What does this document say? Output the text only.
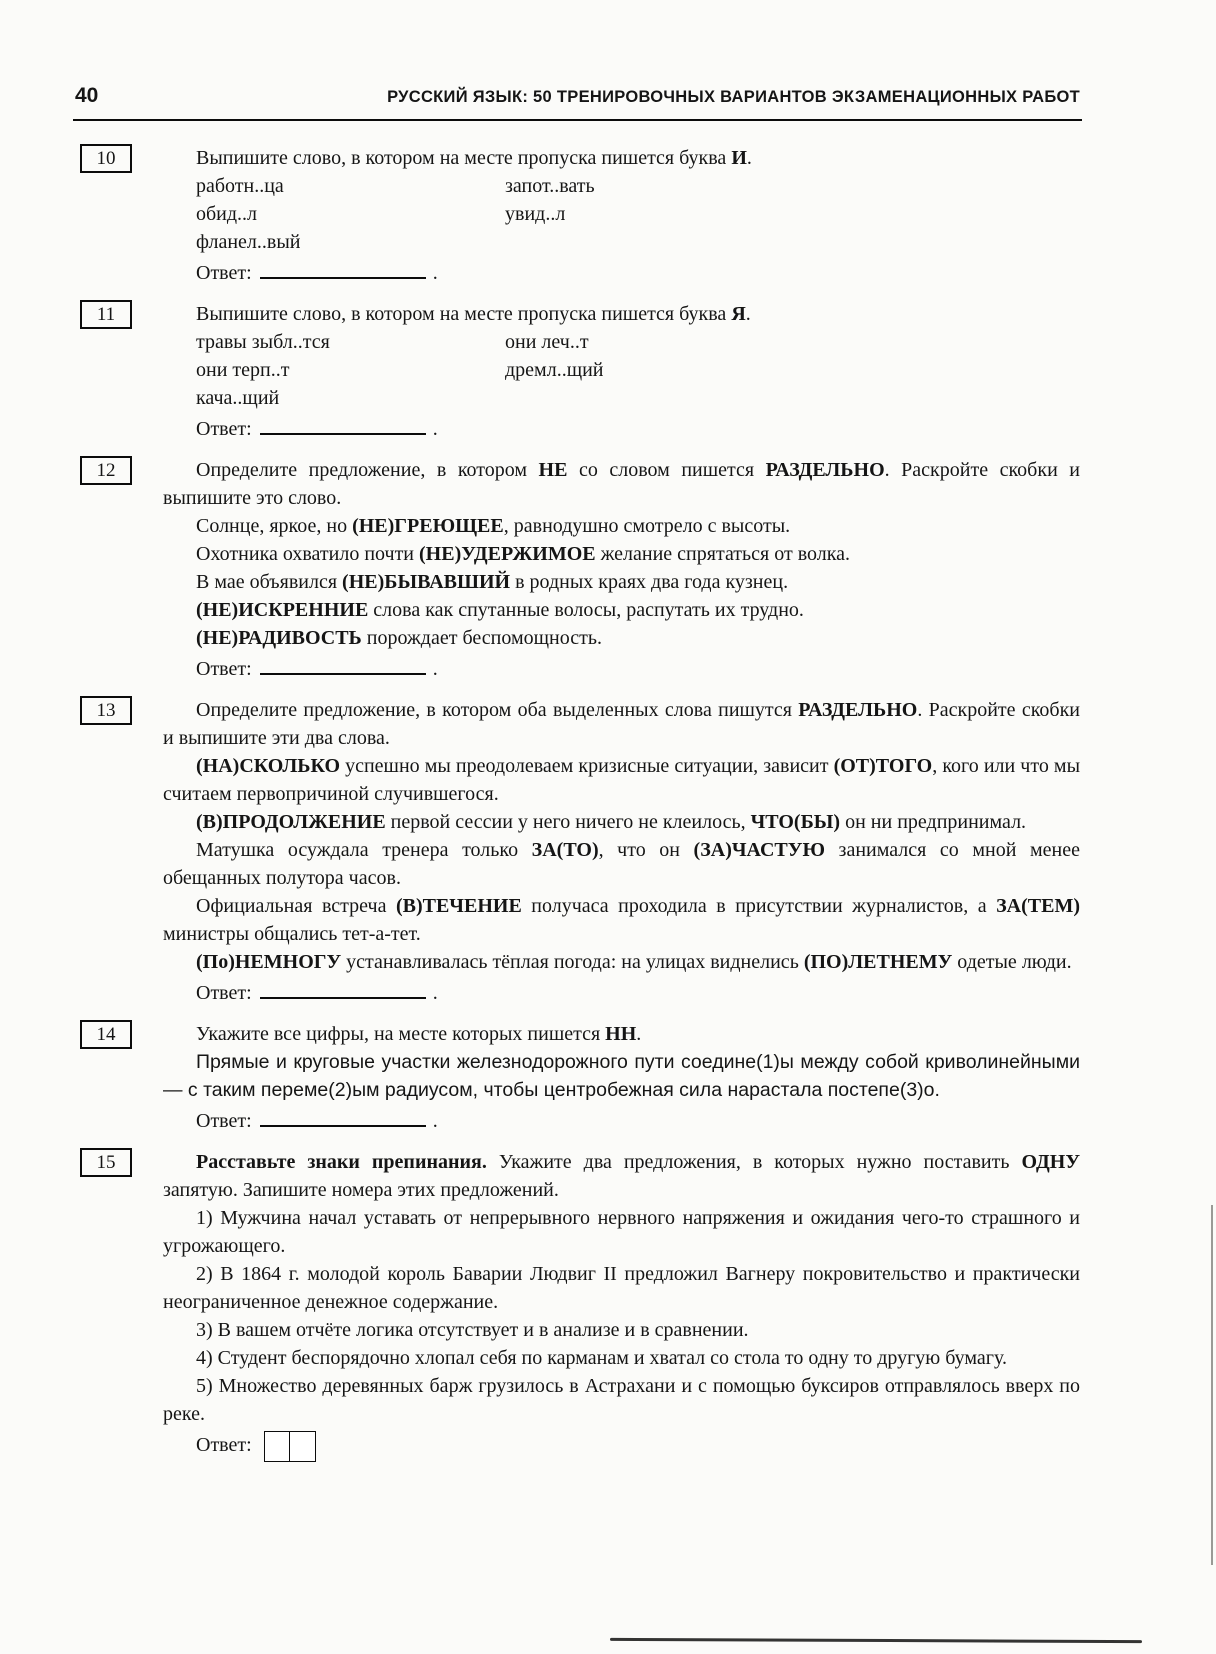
40	РУССКИЙ ЯЗЫК: 50 ТРЕНИРОВОЧНЫХ ВАРИАНТОВ ЭКЗАМЕНАЦИОННЫХ РАБОТ
10	Выпишите слово, в котором на месте пропуска пишется буква И.

работн..ца	запот..вать
обид..л	увид..л
фланел..вый

Ответ:	.

11	Выпишите слово, в котором на месте пропуска пишется буква Я.

травы зыбл..тся	они леч..т
они терп..т	дремл..щий
кача..щий

Ответ:	.

12	Определите предложение, в котором НЕ со словом пишется РАЗДЕЛЬНО. Раскройте скобки и выпишите это слово.

Солнце, яркое, но (НЕ)ГРЕЮЩЕЕ, равнодушно смотрело с высоты.

Охотника охватило почти (НЕ)УДЕРЖИМОЕ желание спрятаться от волка.

В мае объявился (НЕ)БЫВАВШИЙ в родных краях два года кузнец.

(НЕ)ИСКРЕННИЕ слова как спутанные волосы, распутать их трудно.

(НЕ)РАДИВОСТЬ порождает беспомощность.

Ответ:	.

13	Определите предложение, в котором оба выделенных слова пишутся РАЗДЕЛЬНО. Раскройте скобки и выпишите эти два слова.

(НА)СКОЛЬКО успешно мы преодолеваем кризисные ситуации, зависит (ОТ)ТОГО, кого или что мы считаем первопричиной случившегося.

(В)ПРОДОЛЖЕНИЕ первой сессии у него ничего не клеилось, ЧТО(БЫ) он ни предпринимал.

Матушка осуждала тренера только ЗА(ТО), что он (ЗА)ЧАСТУЮ занимался со мной менее обещанных полутора часов.

Официальная встреча (В)ТЕЧЕНИЕ получаса проходила в присутствии журналистов, а ЗА(ТЕМ) министры общались тет-а-тет.

(По)НЕМНОГУ устанавливалась тёплая погода: на улицах виднелись (ПО)ЛЕТНЕМУ одетые люди.

Ответ:	.

14	Укажите все цифры, на месте которых пишется НН.

Прямые и круговые участки железнодорожного пути соедине(1)ы между собой криволинейными — с таким переме(2)ым радиусом, чтобы центробежная сила нарастала постепе(3)о.

Ответ:	.

15	Расставьте знаки препинания. Укажите два предложения, в которых нужно поставить ОДНУ запятую. Запишите номера этих предложений.

1) Мужчина начал уставать от непрерывного нервного напряжения и ожидания чего-то страшного и угрожающего.

2) В 1864 г. молодой король Баварии Людвиг II предложил Вагнеру покровительство и практически неограниченное денежное содержание.

3) В вашем отчёте логика отсутствует и в анализе и в сравнении.

4) Студент беспорядочно хлопал себя по карманам и хватал со стола то одну то другую бумагу.

5) Множество деревянных барж грузилось в Астрахани и с помощью буксиров отправлялось вверх по реке.

Ответ:
